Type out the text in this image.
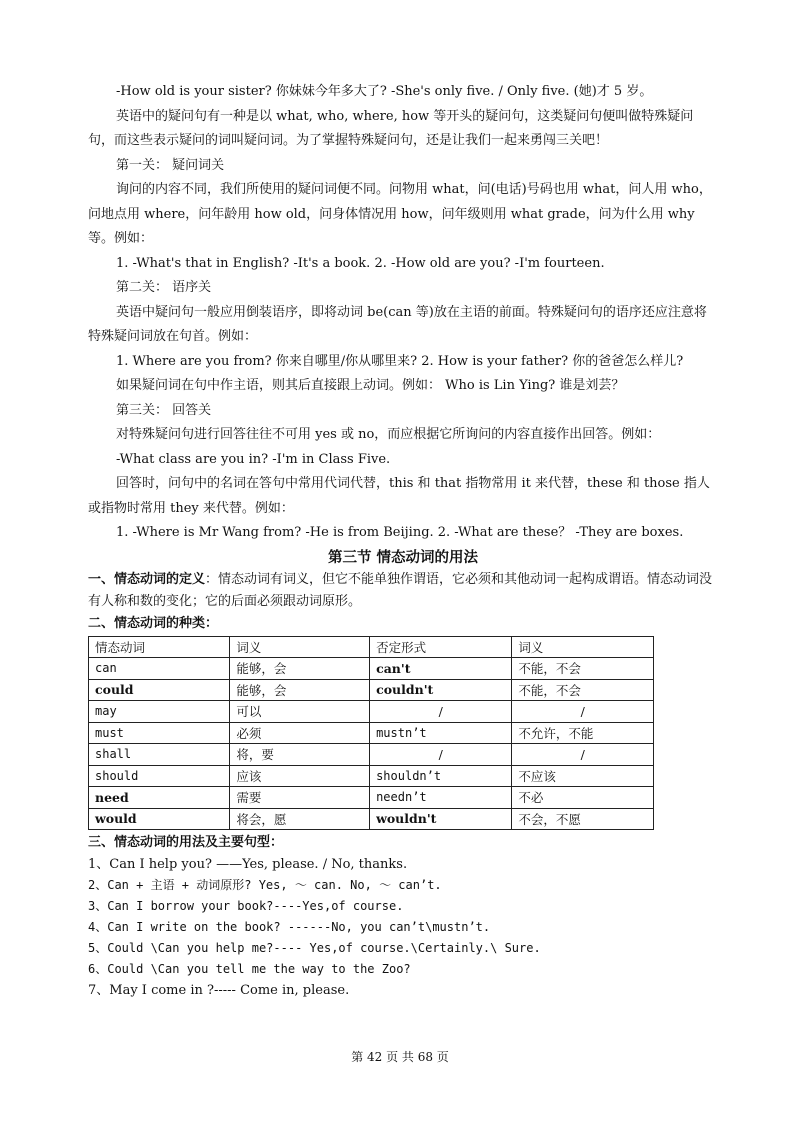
-How old is your sister? 你妹妹今年多大了? -She's only five. / Only five. (她)才 5 岁。

英语中的疑问句有一种是以 what, who, where, how 等开头的疑问句，这类疑问句便叫做特殊疑问句，而这些表示疑问的词叫疑问词。为了掌握特殊疑问句，还是让我们一起来勇闯三关吧！

第一关： 疑问词关

询问的内容不同，我们所使用的疑问词便不同。问物用 what，问(电话)号码也用 what，问人用 who，问地点用 where，问年龄用 how old，问身体情况用 how，问年级则用 what grade，问为什么用 why 等。例如：

1. -What's that in English? -It's a book. 2. -How old are you? -I'm fourteen.

第二关： 语序关

英语中疑问句一般应用倒装语序，即将动词 be(can 等)放在主语的前面。特殊疑问句的语序还应注意将特殊疑问词放在句首。例如：

1. Where are you from? 你来自哪里/你从哪里来? 2. How is your father? 你的爸爸怎么样儿?

如果疑问词在句中作主语，则其后直接跟上动词。例如： Who is Lin Ying? 谁是刘芸？

第三关： 回答关

对特殊疑问句进行回答往往不可用 yes 或 no，而应根据它所询问的内容直接作出回答。例如：

-What class are you in? -I'm in Class Five.

回答时，问句中的名词在答句中常用代词代替，this 和 that 指物常用 it 来代替，these 和 those 指人或指物时常用 they 来代替。例如：

1. -Where is Mr Wang from? -He is from Beijing. 2. -What are these？ -They are boxes.

第三节 情态动词的用法

一、情态动词的定义：情态动词有词义，但它不能单独作谓语，它必须和其他动词一起构成谓语。情态动词没有人称和数的变化；它的后面必须跟动词原形。

二、情态动词的种类：

情态动词	词义	否定形式	词义
can	能够，会	can't	不能，不会
could	能够，会	couldn't	不能，不会
may	可以	/	/
must	必须	mustn’t	不允许，不能
shall	将，要	/	/
should	应该	shouldn’t	不应该
need	需要	needn’t	不必
would	将会，愿	wouldn't	不会，不愿

三、情态动词的用法及主要句型：

1、Can I help you? ——Yes, please. / No, thanks.

2、Can + 主语 + 动词原形? Yes, ～ can. No, ～ can’t.

3、Can I borrow your book?----Yes,of course.

4、Can I write on the book? ------No, you can’t\mustn’t.

5、Could \Can you help me?---- Yes,of course.\Certainly.\ Sure.

6、Could \Can you tell me the way to the Zoo?

7、May I come in ?----- Come in, please.

第 42 页 共 68 页
